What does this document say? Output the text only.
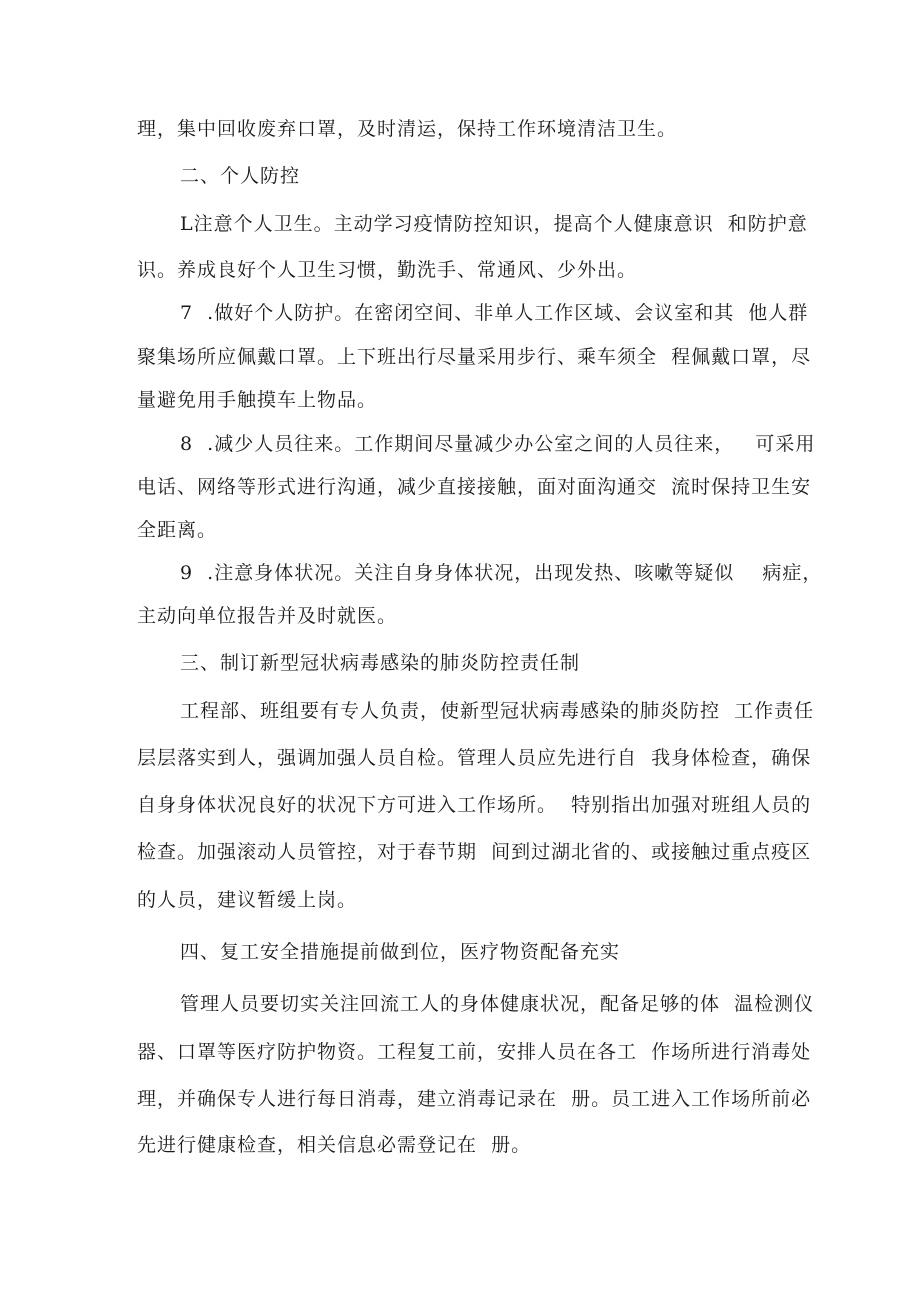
理，集中回收废弃口罩，及时清运，保持工作环境清洁卫生。
二、个人防控
L注意个人卫生。主动学习疫情防控知识，提高个人健康意识  和防护意
识。养成良好个人卫生习惯，勤洗手、常通风、少外出。
7  .做好个人防护。在密闭空间、非单人工作区域、会议室和其  他人群
聚集场所应佩戴口罩。上下班出行尽量采用步行、乘车须全  程佩戴口罩，尽
量避免用手触摸车上物品。
8  .减少人员往来。工作期间尽量减少办公室之间的人员往来，   可采用
电话、网络等形式进行沟通，减少直接接触，面对面沟通交  流时保持卫生安
全距离。
9  .注意身体状况。关注自身身体状况，出现发热、咳嗽等疑似    病症，
主动向单位报告并及时就医。
三、制订新型冠状病毒感染的肺炎防控责任制
工程部、班组要有专人负责，使新型冠状病毒感染的肺炎防控  工作责任
层层落实到人，强调加强人员自检。管理人员应先进行自  我身体检查，确保
自身身体状况良好的状况下方可进入工作场所。  特别指出加强对班组人员的
检查。加强滚动人员管控，对于春节期  间到过湖北省的、或接触过重点疫区
的人员，建议暂缓上岗。
四、复工安全措施提前做到位，医疗物资配备充实
管理人员要切实关注回流工人的身体健康状况，配备足够的体  温检测仪
器、口罩等医疗防护物资。工程复工前，安排人员在各工  作场所进行消毒处
理，并确保专人进行每日消毒，建立消毒记录在  册。员工进入工作场所前必
先进行健康检查，相关信息必需登记在  册。
